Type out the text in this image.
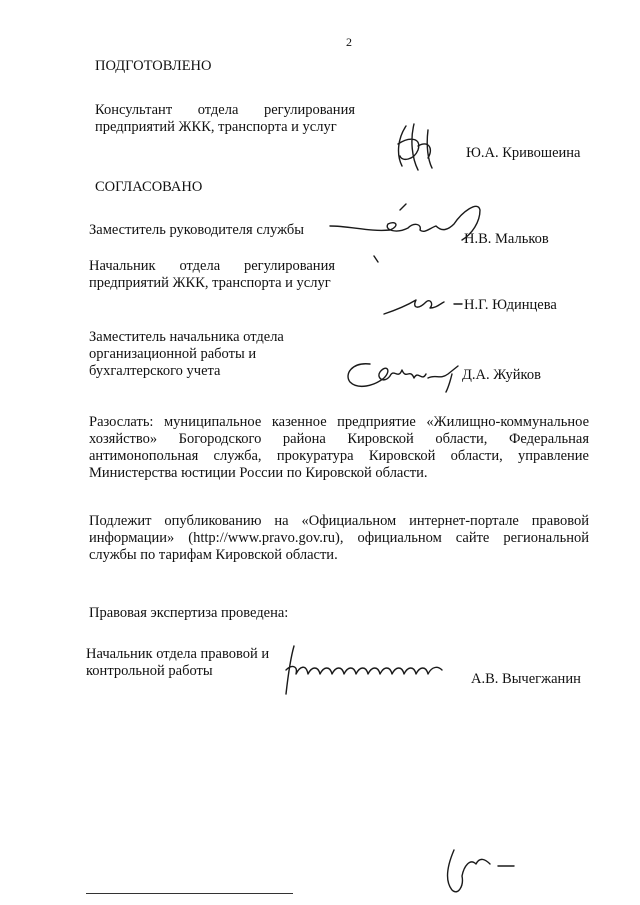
2
ПОДГОТОВЛЕНО
Консультант отдела регулирования предприятий ЖКК, транспорта и услуг
Ю.А. Кривошеина
СОГЛАСОВАНО
Заместитель руководителя службы
Н.В. Мальков
Начальник отдела регулирования предприятий ЖКК, транспорта и услуг
Н.Г. Юдинцева
Заместитель начальника отдела организационной работы и бухгалтерского учета	Д.А. Жуйков
Разослать: муниципальное казенное предприятие «Жилищно-коммунальное хозяйство» Богородского района Кировской области, Федеральная антимонопольная служба, прокуратура Кировской области, управление Министерства юстиции России по Кировской области.
Подлежит опубликованию на «Официальном интернет-портале правовой информации» (http://www.pravo.gov.ru), официальном сайте региональной службы по тарифам Кировской области.
Правовая экспертиза проведена:
Начальник отдела правовой и контрольной работы	А.В. Вычегжанин
